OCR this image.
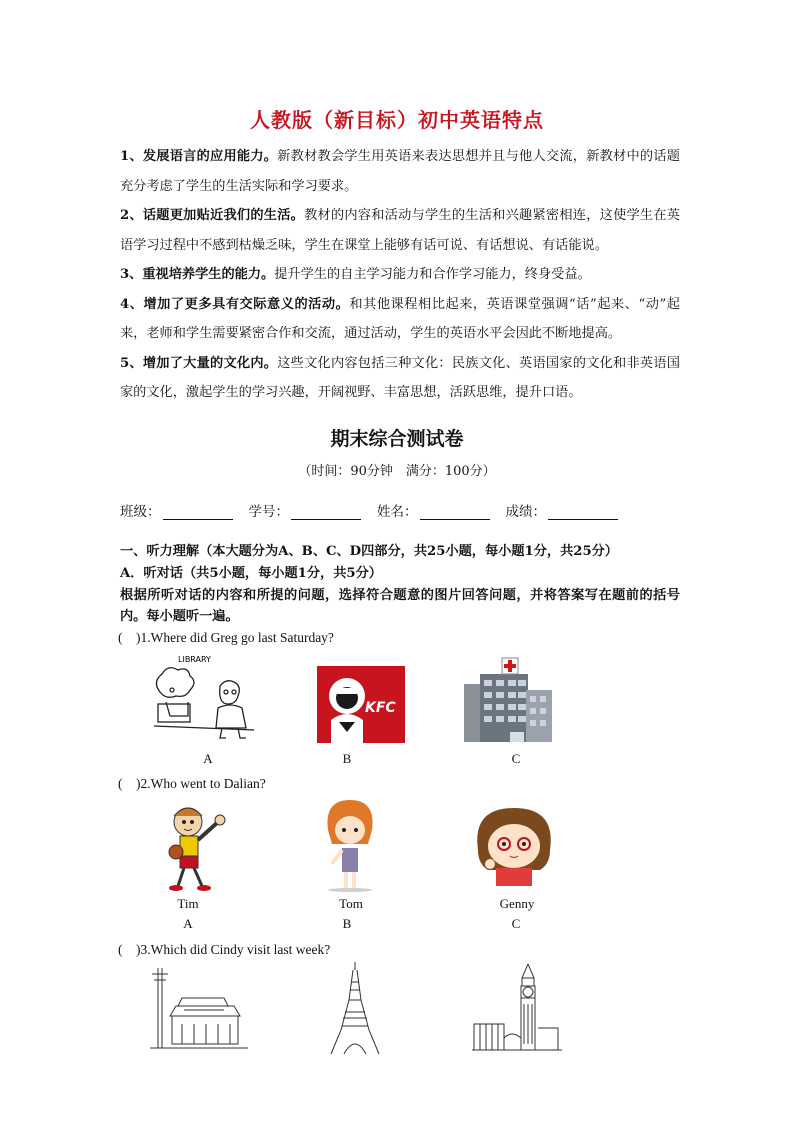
人教版（新目标）初中英语特点
1、发展语言的应用能力。新教材教会学生用英语来表达思想并且与他人交流，新教材中的话题充分考虑了学生的生活实际和学习要求。
2、话题更加贴近我们的生活。教材的内容和活动与学生的生活和兴趣紧密相连，这使学生在英语学习过程中不感到枯燥乏味，学生在课堂上能够有话可说、有话想说、有话能说。
3、重视培养学生的能力。提升学生的自主学习能力和合作学习能力，终身受益。
4、增加了更多具有交际意义的活动。和其他课程相比起来，英语课堂强调“话”起来、“动”起来，老师和学生需要紧密合作和交流，通过活动，学生的英语水平会因此不断地提高。
5、增加了大量的文化内。这些文化内容包括三种文化：民族文化、英语国家的文化和非英语国家的文化，激起学生的学习兴趣，开阔视野、丰富思想，活跃思维，提升口语。
期末综合测试卷
（时间：90分钟　满分：100分）
班级：	学号：	姓名：	成绩：
一、听力理解（本大题分为A、B、C、D四部分，共25小题，每小题1分，共25分）
A．听对话（共5小题，每小题1分，共5分）
根据所听对话的内容和所提的问题，选择符合题意的图片回答问题，并将答案写在题前的括号内。每小题听一遍。
(　)1.Where did Greg go last Saturday?
LIBRARY
KFC
A	B	C
(　)2.Who went to Dalian?
Tim	Tom	Genny
A	B	C
(　)3.Which did Cindy visit last week?
